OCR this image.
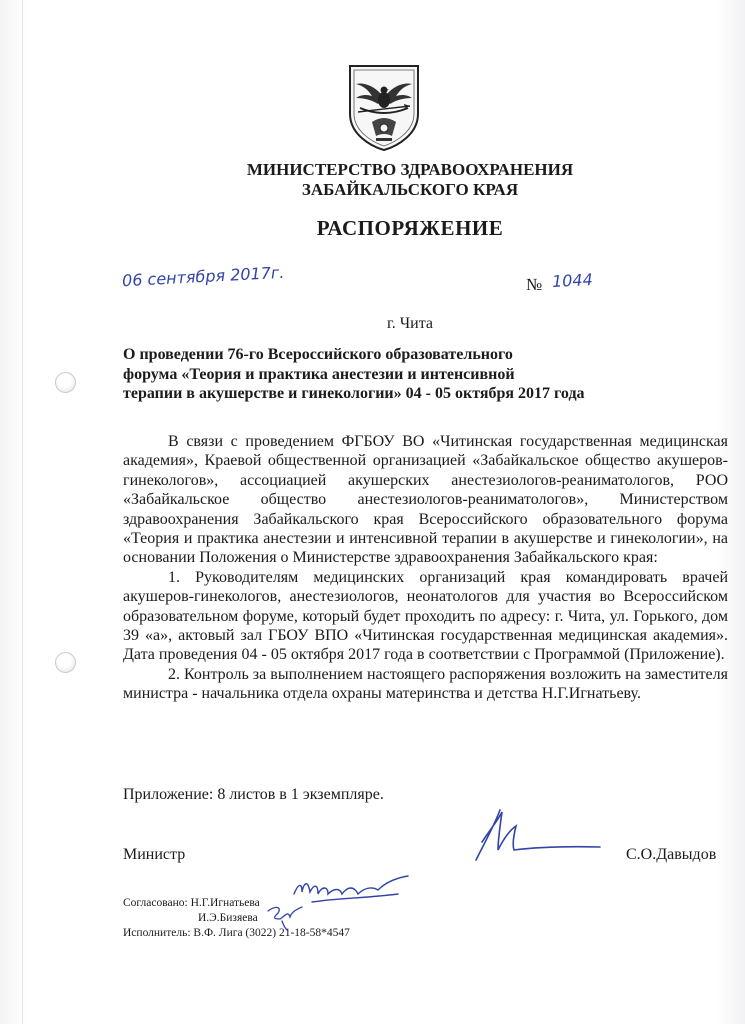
МИНИСТЕРСТВО ЗДРАВООХРАНЕНИЯ
ЗАБАЙКАЛЬСКОГО КРАЯ
РАСПОРЯЖЕНИЕ
06 сентября 2017г.	№ 1044
г. Чита
О проведении 76-го Всероссийского образовательного
форума «Теория и практика анестезии и интенсивной
терапии в акушерстве и гинекологии» 04 - 05 октября 2017 года

В связи с проведением ФГБОУ ВО «Читинская государственная медицинская академия», Краевой общественной организацией «Забайкальское общество акушеров-гинекологов», ассоциацией акушерских анестезиологов-реаниматологов, РОО «Забайкальское общество анестезиологов-реаниматологов», Министерством здравоохранения Забайкальского края Всероссийского образовательного форума «Теория и практика анестезии и интенсивной терапии в акушерстве и гинекологии», на основании Положения о Министерстве здравоохранения Забайкальского края:

1. Руководителям медицинских организаций края командировать врачей акушеров-гинекологов, анестезиологов, неонатологов для участия во Всероссийском образовательном форуме, который будет проходить по адресу: г. Чита, ул. Горького, дом 39 «а», актовый зал ГБОУ ВПО «Читинская государственная медицинская академия». Дата проведения 04 - 05 октября 2017 года в соответствии с Программой (Приложение).

2. Контроль за выполнением настоящего распоряжения возложить на заместителя министра - начальника отдела охраны материнства и детства Н.Г.Игнатьеву.

Приложение: 8 листов в 1 экземпляре.
Министр	С.О.Давыдов
Согласовано: Н.Г.Игнатьева
И.Э.Бизяева
Исполнитель: В.Ф. Лига (3022) 21-18-58*4547
